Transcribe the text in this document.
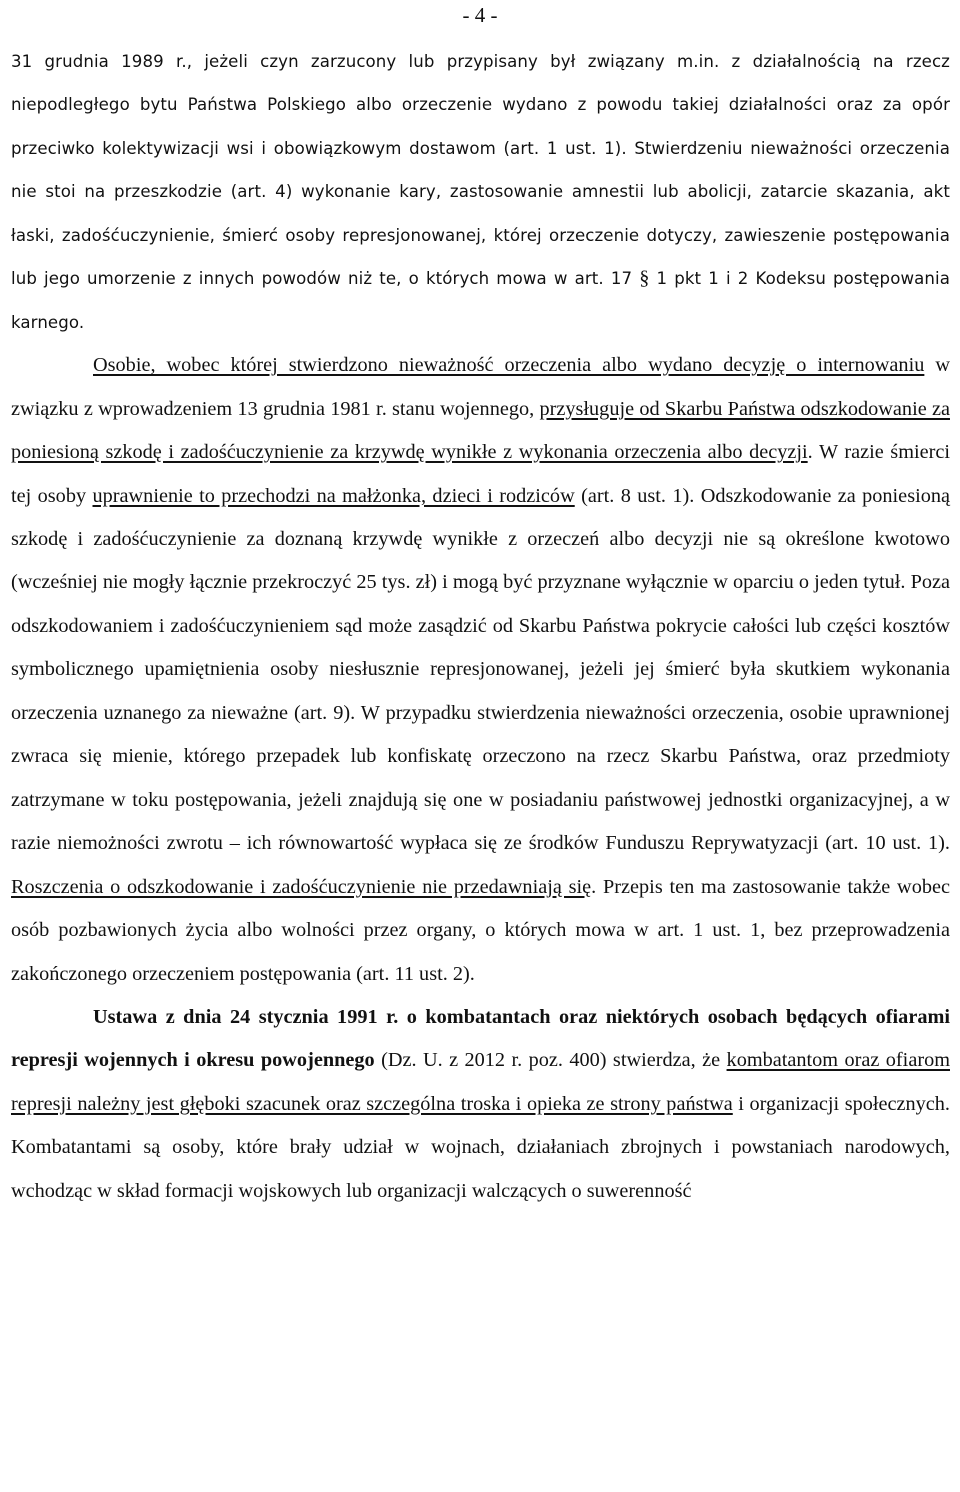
- 4 -

31 grudnia 1989 r., jeżeli czyn zarzucony lub przypisany był związany m.in. z działalnością na rzecz niepodległego bytu Państwa Polskiego albo orzeczenie wydano z powodu takiej działalności oraz za opór przeciwko kolektywizacji wsi i obowiązkowym dostawom (art. 1 ust. 1). Stwierdzeniu nieważności orzeczenia nie stoi na przeszkodzie (art. 4) wykonanie kary, zastosowanie amnestii lub abolicji, zatarcie skazania, akt łaski, zadośćuczynienie, śmierć osoby represjonowanej, której orzeczenie dotyczy, zawieszenie postępowania lub jego umorzenie z innych powodów niż te, o których mowa w art. 17 § 1 pkt 1 i 2 Kodeksu postępowania karnego.

Osobie, wobec której stwierdzono nieważność orzeczenia albo wydano decyzję o internowaniu w związku z wprowadzeniem 13 grudnia 1981 r. stanu wojennego, przysługuje od Skarbu Państwa odszkodowanie za poniesioną szkodę i zadośćuczynienie za krzywdę wynikłe z wykonania orzeczenia albo decyzji. W razie śmierci tej osoby uprawnienie to przechodzi na małżonka, dzieci i rodziców (art. 8 ust. 1). Odszkodowanie za poniesioną szkodę i zadośćuczynienie za doznaną krzywdę wynikłe z orzeczeń albo decyzji nie są określone kwotowo (wcześniej nie mogły łącznie przekroczyć 25 tys. zł) i mogą być przyznane wyłącznie w oparciu o jeden tytuł. Poza odszkodowaniem i zadośćuczynieniem sąd może zasądzić od Skarbu Państwa pokrycie całości lub części kosztów symbolicznego upamiętnienia osoby niesłusznie represjonowanej, jeżeli jej śmierć była skutkiem wykonania orzeczenia uznanego za nieważne (art. 9). W przypadku stwierdzenia nieważności orzeczenia, osobie uprawnionej zwraca się mienie, którego przepadek lub konfiskatę orzeczono na rzecz Skarbu Państwa, oraz przedmioty zatrzymane w toku postępowania, jeżeli znajdują się one w posiadaniu państwowej jednostki organizacyjnej, a w razie niemożności zwrotu – ich równowartość wypłaca się ze środków Funduszu Reprywatyzacji (art. 10 ust. 1). Roszczenia o odszkodowanie i zadośćuczynienie nie przedawniają się. Przepis ten ma zastosowanie także wobec osób pozbawionych życia albo wolności przez organy, o których mowa w art. 1 ust. 1, bez przeprowadzenia zakończonego orzeczeniem postępowania (art. 11 ust. 2).

Ustawa z dnia 24 stycznia 1991 r. o kombatantach oraz niektórych osobach będących ofiarami represji wojennych i okresu powojennego (Dz. U. z 2012 r. poz. 400) stwierdza, że kombatantom oraz ofiarom represji należny jest głęboki szacunek oraz szczególna troska i opieka ze strony państwa i organizacji społecznych. Kombatantami są osoby, które brały udział w wojnach, działaniach zbrojnych i powstaniach narodowych, wchodząc w skład formacji wojskowych lub organizacji walczących o suwerenność
